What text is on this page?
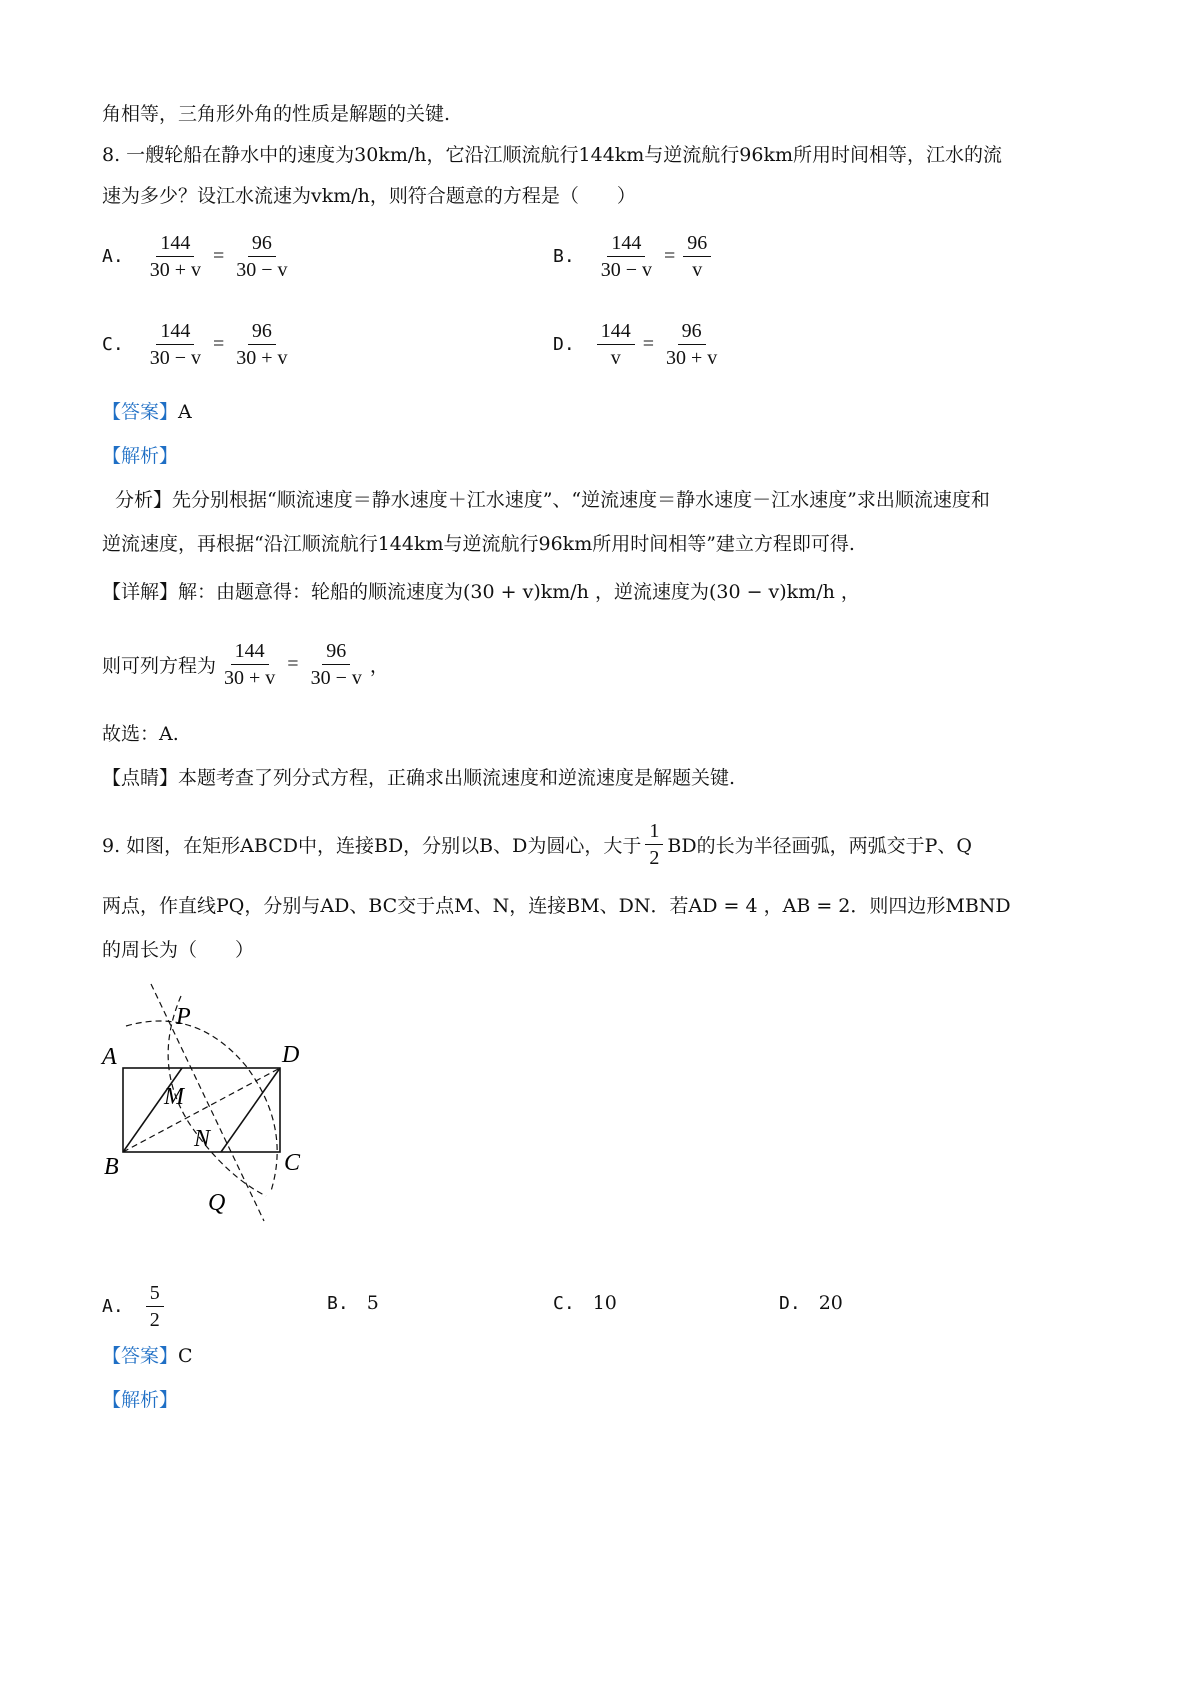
角相等，三角形外角的性质是解题的关键.
8. 一艘轮船在静水中的速度为30km/h，它沿江顺流航行144km与逆流航行96km所用时间相等，江水的流
速为多少？设江水流速为vkm/h，则符合题意的方程是（　　）
A. $\frac{144}{30 + v} = \frac{96}{30 - v}$	B. $\frac{144}{30 - v} = \frac{96}{v}$
C. $\frac{144}{30 - v} = \frac{96}{30 + v}$	D. $\frac{144}{v} = \frac{96}{30 + v}$
【答案】A
【解析】
分析】先分别根据“顺流速度＝静水速度＋江水速度”、“逆流速度＝静水速度－江水速度”求出顺流速度和
逆流速度，再根据“沿江顺流航行144km与逆流航行96km所用时间相等”建立方程即可得.
【详解】解：由题意得：轮船的顺流速度为(30 + v)km/h ，逆流速度为(30 − v)km/h ，
则可列方程为 $\frac{144}{30 + v} = \frac{96}{30 - v}$ ，
故选：A.
【点睛】本题考查了列分式方程，正确求出顺流速度和逆流速度是解题关键.
9. 如图，在矩形ABCD中，连接BD，分别以B、D为圆心，大于 $\frac{1}{2}$ BD的长为半径画弧，两弧交于P、Q
两点，作直线PQ，分别与AD、BC交于点M、N，连接BM、DN．若AD = 4 ，AB = 2．则四边形MBND
的周长为（　　）
P
A	D
M
N
B	C
Q
A. $\frac{5}{2}$	B. 5	C. 10	D. 20
【答案】C
【解析】
